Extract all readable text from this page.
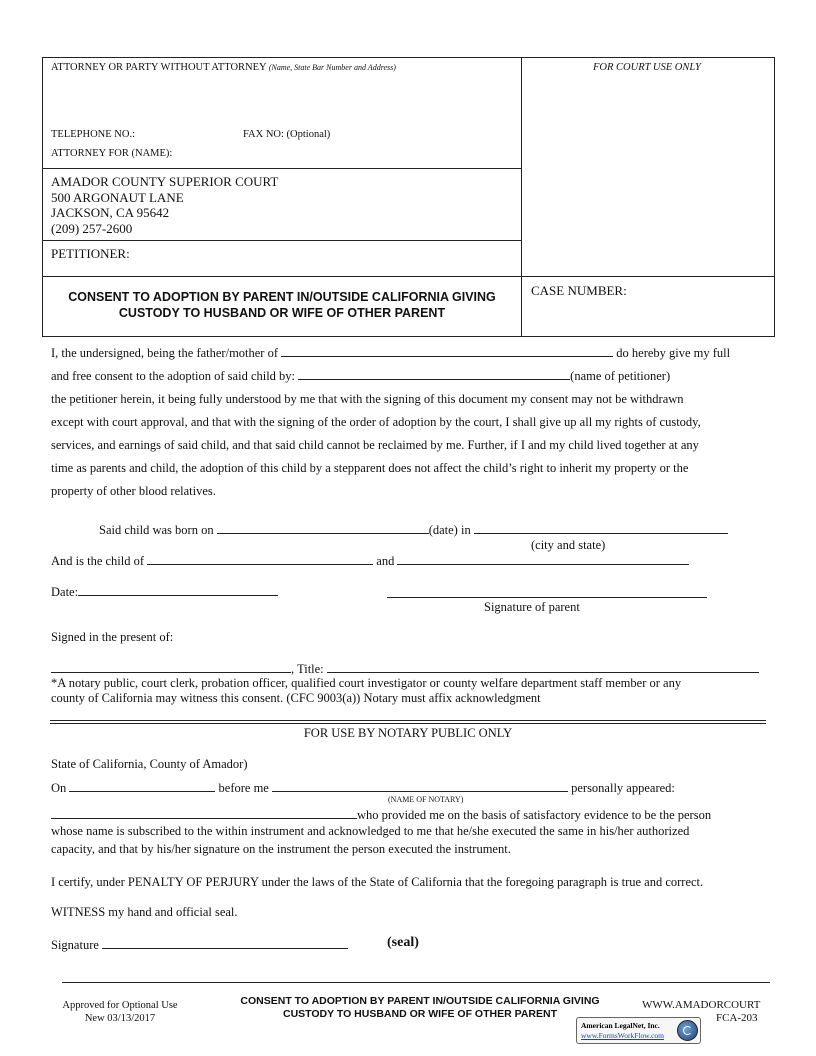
ATTORNEY OR PARTY WITHOUT ATTORNEY (Name, State Bar Number and Address)	FOR COURT USE ONLY
TELEPHONE NO.:	FAX NO: (Optional)
ATTORNEY FOR (NAME):
AMADOR COUNTY SUPERIOR COURT
500 ARGONAUT LANE
JACKSON, CA 95642
(209) 257-2600
PETITIONER:
CONSENT TO ADOPTION BY PARENT IN/OUTSIDE CALIFORNIA GIVING
CUSTODY TO HUSBAND OR WIFE OF OTHER PARENT
CASE NUMBER:
I, the undersigned, being the father/mother of	do hereby give my full
and free consent to the adoption of said child by:	(name of petitioner)
the petitioner herein, it being fully understood by me that with the signing of this document my consent may not be withdrawn
except with court approval, and that with the signing of the order of adoption by the court, I shall give up all my rights of custody,
services, and earnings of said child, and that said child cannot be reclaimed by me. Further, if I and my child lived together at any
time as parents and child, the adoption of this child by a stepparent does not affect the child’s right to inherit my property or the
property of other blood relatives.
Said child was born on	(date) in
(city and state)
And is the child of	and
Date:
Signature of parent
Signed in the present of:
, Title:
*A notary public, court clerk, probation officer, qualified court investigator or county welfare department staff member or any
county of California may witness this consent. (CFC 9003(a)) Notary must affix acknowledgment
FOR USE BY NOTARY PUBLIC ONLY
State of California, County of Amador)
On	before me	personally appeared:
(NAME OF NOTARY)
who provided me on the basis of satisfactory evidence to be the person
whose name is subscribed to the within instrument and acknowledged to me that he/she executed the same in his/her authorized
capacity, and that by his/her signature on the instrument the person executed the instrument.
I certify, under PENALTY OF PERJURY under the laws of the State of California that the foregoing paragraph is true and correct.
WITNESS my hand and official seal.
Signature	(seal)
Approved for Optional Use
New 03/13/2017
CONSENT TO ADOPTION BY PARENT IN/OUTSIDE CALIFORNIA GIVING
CUSTODY TO HUSBAND OR WIFE OF OTHER PARENT
WWW.AMADORCOURT
FCA-203
American LegalNet, Inc.
www.FormsWorkFlow.com
